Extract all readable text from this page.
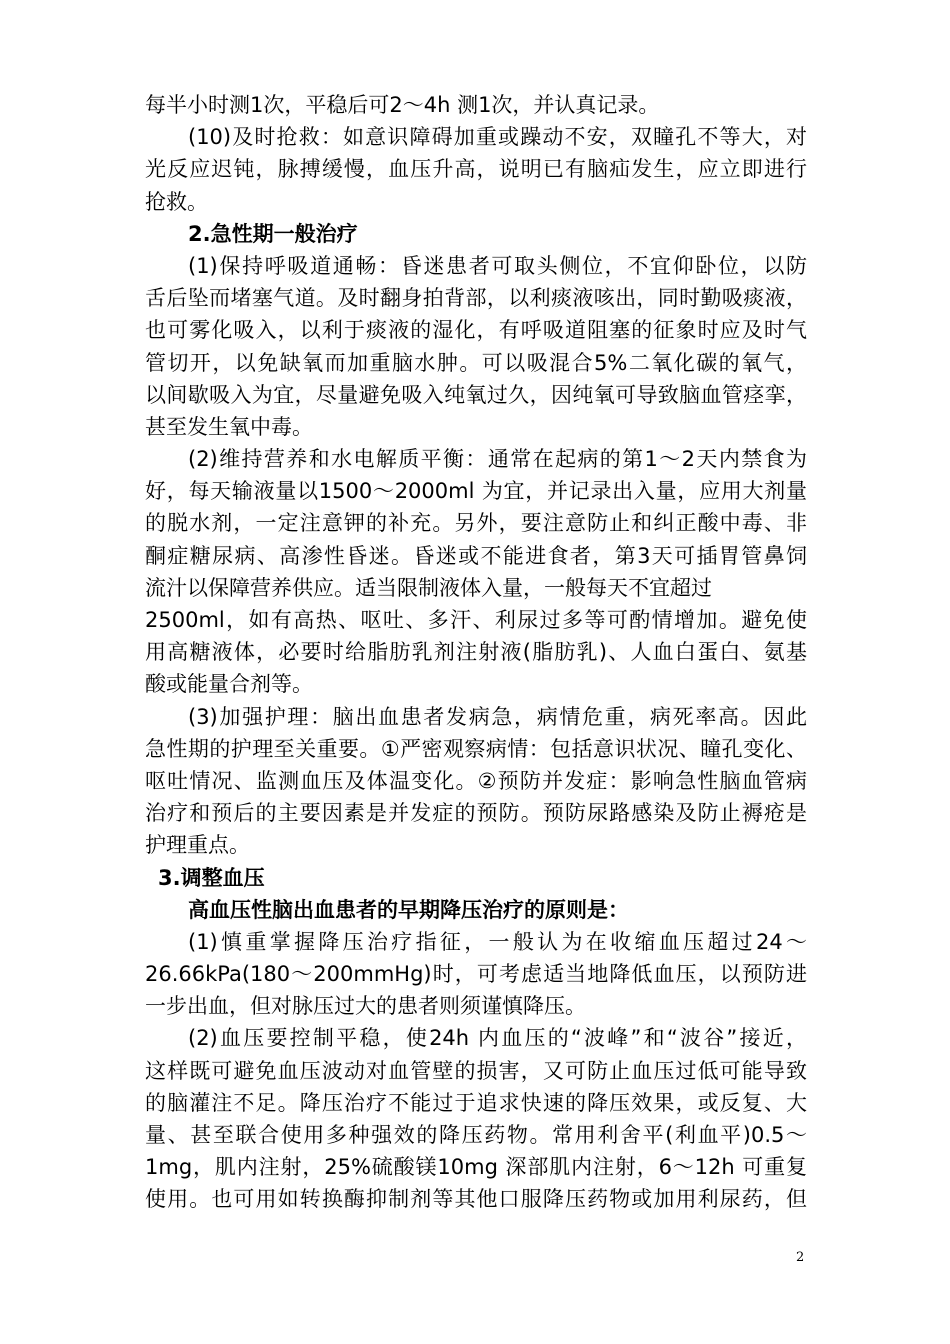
每半小时测1次，平稳后可2～4h 测1次，并认真记录。
(10)及时抢救：如意识障碍加重或躁动不安，双瞳孔不等大，对
光反应迟钝，脉搏缓慢，血压升高，说明已有脑疝发生，应立即进行
抢救。
2.急性期一般治疗
(1)保持呼吸道通畅：昏迷患者可取头侧位，不宜仰卧位，以防
舌后坠而堵塞气道。及时翻身拍背部，以利痰液咳出，同时勤吸痰液，
也可雾化吸入，以利于痰液的湿化，有呼吸道阻塞的征象时应及时气
管切开，以免缺氧而加重脑水肿。可以吸混合5%二氧化碳的氧气，
以间歇吸入为宜，尽量避免吸入纯氧过久，因纯氧可导致脑血管痉挛，
甚至发生氧中毒。
(2)维持营养和水电解质平衡：通常在起病的第1～2天内禁食为
好，每天输液量以1500～2000ml 为宜，并记录出入量，应用大剂量
的脱水剂，一定注意钾的补充。另外，要注意防止和纠正酸中毒、非
酮症糖尿病、高渗性昏迷。昏迷或不能进食者，第3天可插胃管鼻饲
流汁以保障营养供应。适当限制液体入量，一般每天不宜超过
2500ml，如有高热、呕吐、多汗、利尿过多等可酌情增加。避免使
用高糖液体，必要时给脂肪乳剂注射液(脂肪乳)、人血白蛋白、氨基
酸或能量合剂等。
(3)加强护理：脑出血患者发病急，病情危重，病死率高。因此
急性期的护理至关重要。①严密观察病情：包括意识状况、瞳孔变化、
呕吐情况、监测血压及体温变化。②预防并发症：影响急性脑血管病
治疗和预后的主要因素是并发症的预防。预防尿路感染及防止褥疮是
护理重点。
3.调整血压
高血压性脑出血患者的早期降压治疗的原则是：
(1)慎重掌握降压治疗指征，一般认为在收缩血压超过24～
26.66kPa(180～200mmHg)时，可考虑适当地降低血压，以预防进
一步出血，但对脉压过大的患者则须谨慎降压。
(2)血压要控制平稳，使24h 内血压的“波峰”和“波谷”接近，
这样既可避免血压波动对血管壁的损害，又可防止血压过低可能导致
的脑灌注不足。降压治疗不能过于追求快速的降压效果，或反复、大
量、甚至联合使用多种强效的降压药物。常用利舍平(利血平)0.5～
1mg，肌内注射，25%硫酸镁10mg 深部肌内注射，6～12h 可重复
使用。也可用如转换酶抑制剂等其他口服降压药物或加用利尿药，但
2
